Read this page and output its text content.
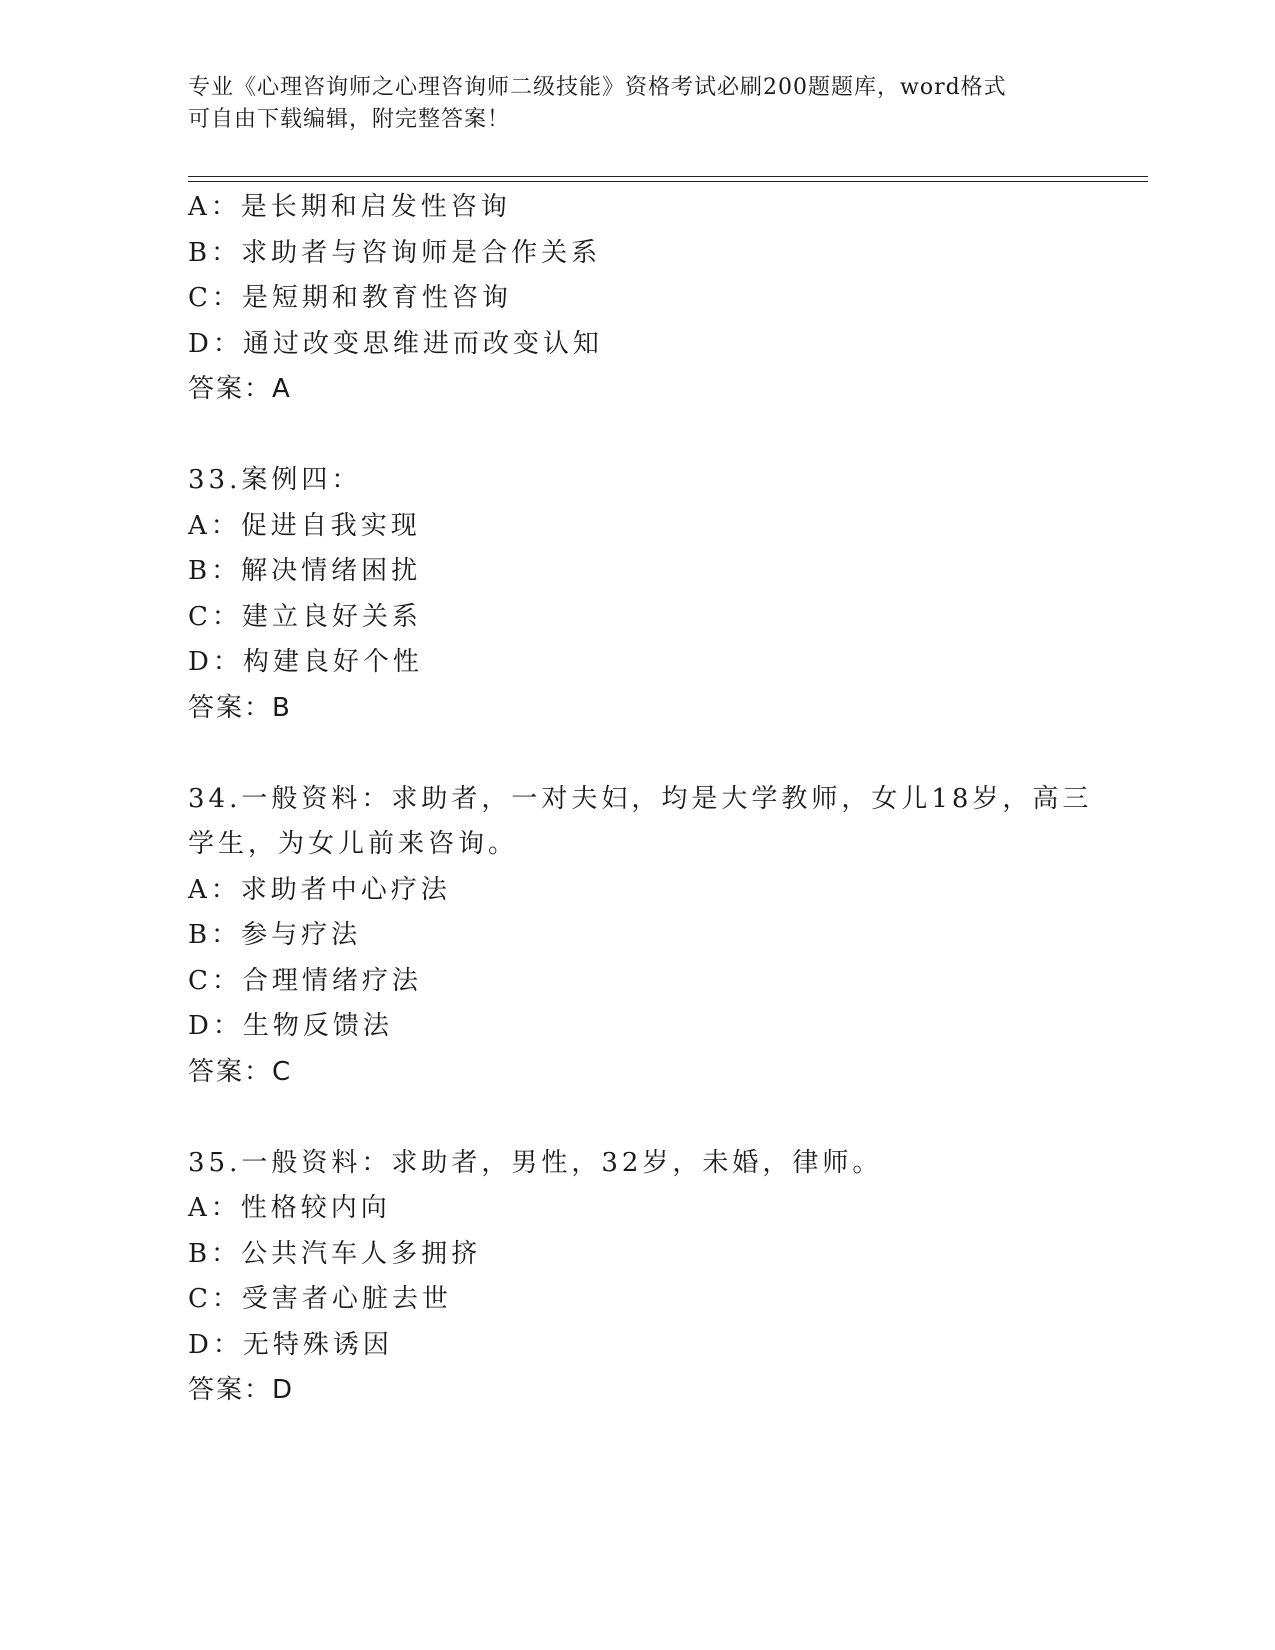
专业《心理咨询师之心理咨询师二级技能》资格考试必刷200题题库，word格式
可自由下载编辑，附完整答案！
A：是长期和启发性咨询
B：求助者与咨询师是合作关系
C：是短期和教育性咨询
D：通过改变思维进而改变认知
答案：A
33.案例四：
A：促进自我实现
B：解决情绪困扰
C：建立良好关系
D：构建良好个性
答案：B
34.一般资料：求助者，一对夫妇，均是大学教师，女儿18岁，高三
学生，为女儿前来咨询。
A：求助者中心疗法
B：参与疗法
C：合理情绪疗法
D：生物反馈法
答案：C
35.一般资料：求助者，男性，32岁，未婚，律师。
A：性格较内向
B：公共汽车人多拥挤
C：受害者心脏去世
D：无特殊诱因
答案：D
